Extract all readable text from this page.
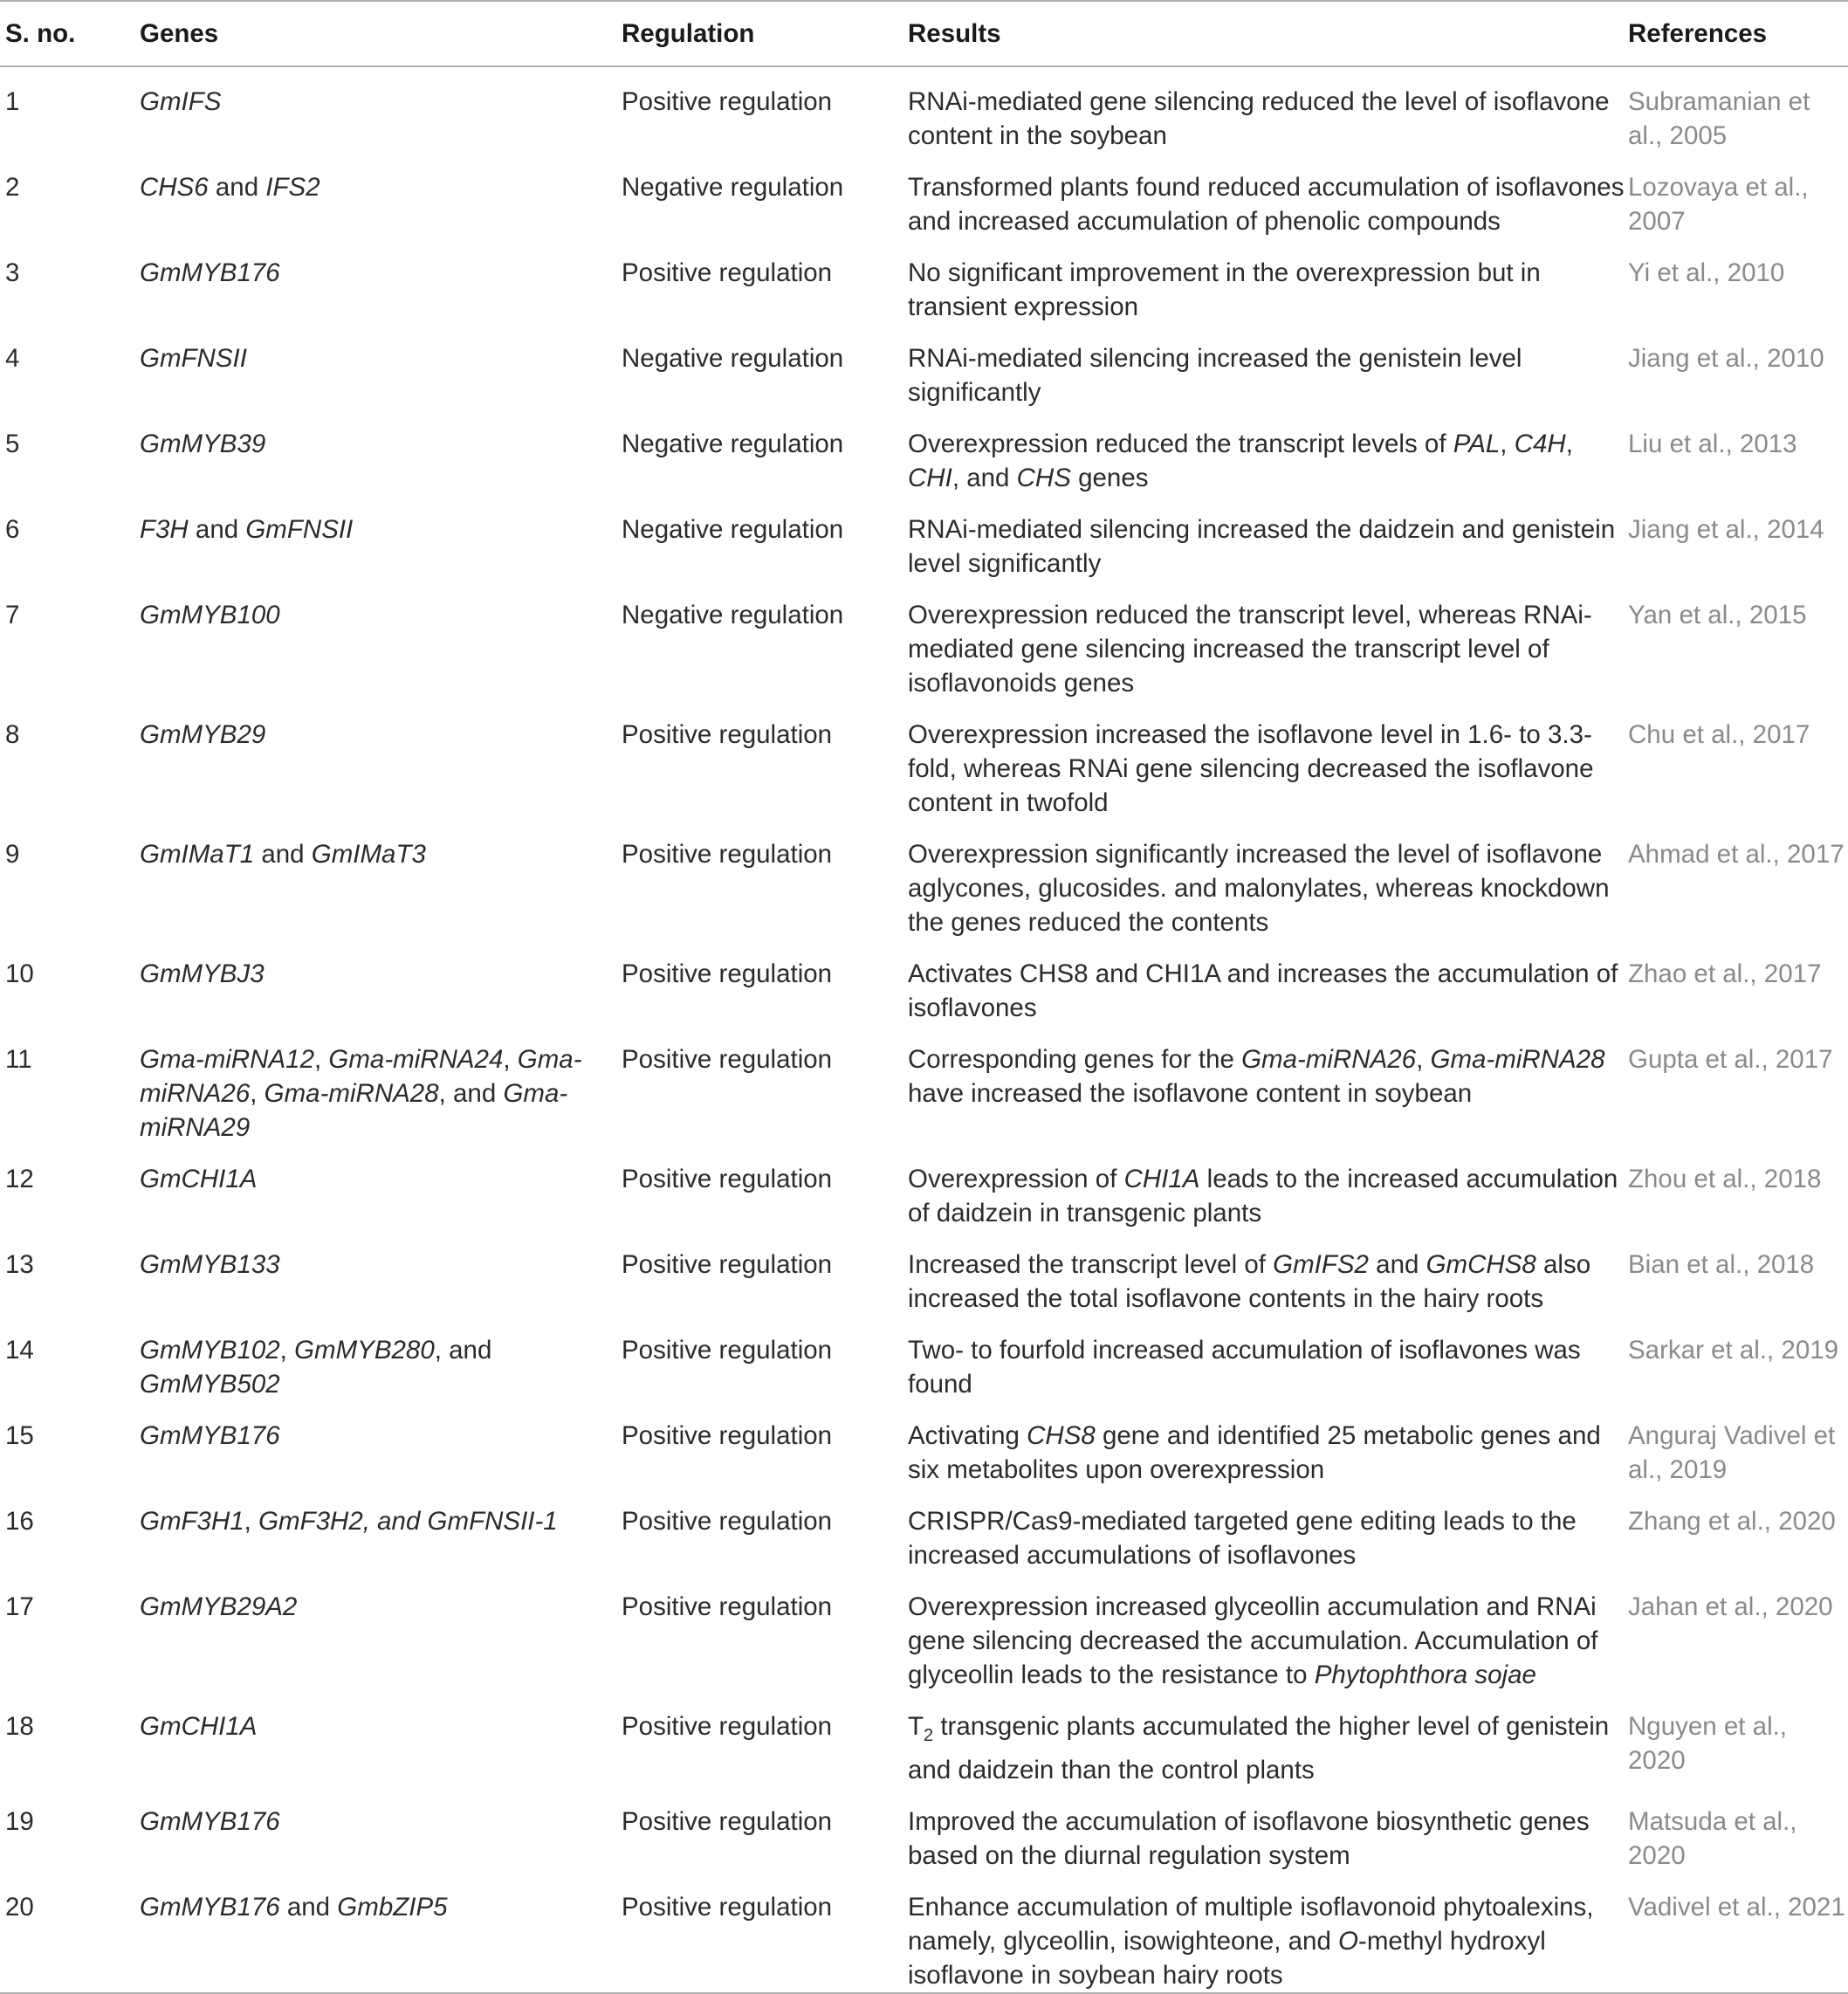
S. no.	Genes	Regulation	Results	References

1	GmIFS	Positive regulation	RNAi-mediated gene silencing reduced the level of isoflavone content in the soybean	Subramanian et al., 2005

2	CHS6 and IFS2	Negative regulation	Transformed plants found reduced accumulation of isoflavones and increased accumulation of phenolic compounds	Lozovaya et al., 2007

3	GmMYB176	Positive regulation	No significant improvement in the overexpression but in transient expression	Yi et al., 2010

4	GmFNSII	Negative regulation	RNAi-mediated silencing increased the genistein level significantly	Jiang et al., 2010

5	GmMYB39	Negative regulation	Overexpression reduced the transcript levels of PAL, C4H, CHI, and CHS genes	Liu et al., 2013

6	F3H and GmFNSII	Negative regulation	RNAi-mediated silencing increased the daidzein and genistein level significantly	Jiang et al., 2014

7	GmMYB100	Negative regulation	Overexpression reduced the transcript level, whereas RNAi-mediated gene silencing increased the transcript level of isoflavonoids genes	Yan et al., 2015

8	GmMYB29	Positive regulation	Overexpression increased the isoflavone level in 1.6- to 3.3-fold, whereas RNAi gene silencing decreased the isoflavone content in twofold	Chu et al., 2017

9	GmIMaT1 and GmIMaT3	Positive regulation	Overexpression significantly increased the level of isoflavone aglycones, glucosides. and malonylates, whereas knockdown the genes reduced the contents	Ahmad et al., 2017

10	GmMYBJ3	Positive regulation	Activates CHS8 and CHI1A and increases the accumulation of isoflavones	Zhao et al., 2017

11	Gma-miRNA12, Gma-miRNA24, Gma-miRNA26, Gma-miRNA28, and Gma-miRNA29	Positive regulation	Corresponding genes for the Gma-miRNA26, Gma-miRNA28 have increased the isoflavone content in soybean	Gupta et al., 2017

12	GmCHI1A	Positive regulation	Overexpression of CHI1A leads to the increased accumulation of daidzein in transgenic plants	Zhou et al., 2018

13	GmMYB133	Positive regulation	Increased the transcript level of GmIFS2 and GmCHS8 also increased the total isoflavone contents in the hairy roots	Bian et al., 2018

14	GmMYB102, GmMYB280, and GmMYB502	Positive regulation	Two- to fourfold increased accumulation of isoflavones was found	Sarkar et al., 2019

15	GmMYB176	Positive regulation	Activating CHS8 gene and identified 25 metabolic genes and six metabolites upon overexpression	Anguraj Vadivel et al., 2019

16	GmF3H1, GmF3H2, and GmFNSII-1	Positive regulation	CRISPR/Cas9-mediated targeted gene editing leads to the increased accumulations of isoflavones	Zhang et al., 2020

17	GmMYB29A2	Positive regulation	Overexpression increased glyceollin accumulation and RNAi gene silencing decreased the accumulation. Accumulation of glyceollin leads to the resistance to Phytophthora sojae	Jahan et al., 2020

18	GmCHI1A	Positive regulation	$T_2$ transgenic plants accumulated the higher level of genistein and daidzein than the control plants	Nguyen et al., 2020

19	GmMYB176	Positive regulation	Improved the accumulation of isoflavone biosynthetic genes based on the diurnal regulation system	Matsuda et al., 2020

20	GmMYB176 and GmbZIP5	Positive regulation	Enhance accumulation of multiple isoflavonoid phytoalexins, namely, glyceollin, isowighteone, and O-methyl hydroxyl isoflavone in soybean hairy roots	Vadivel et al., 2021
